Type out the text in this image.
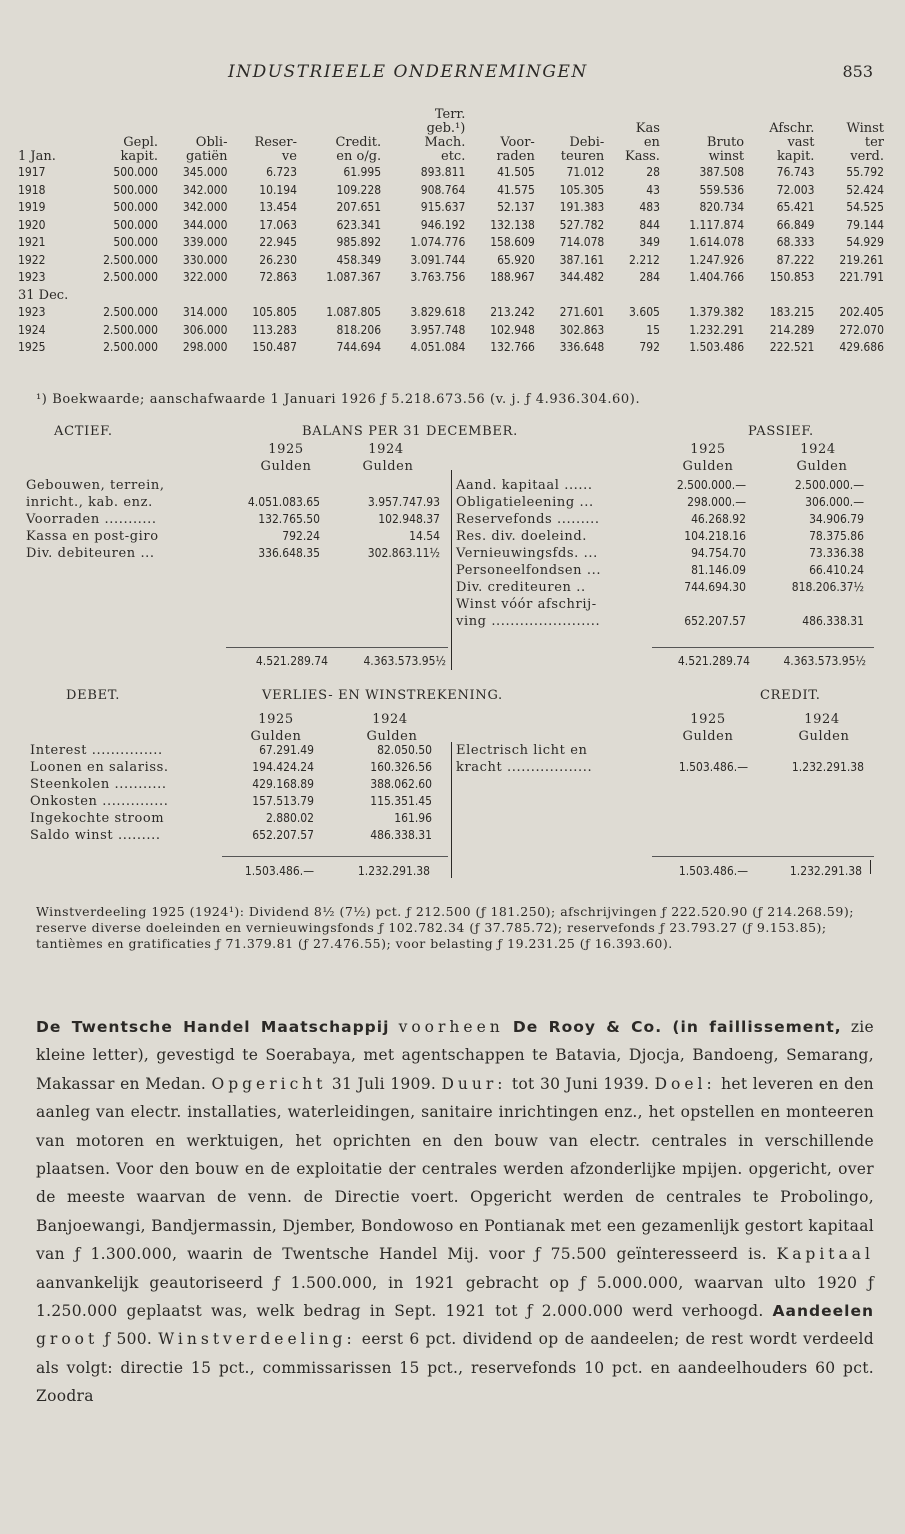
INDUSTRIEELE ONDERNEMINGEN	853
					Terr.						
					geb.¹)			Kas		Afschr.	Winst
	Gepl.	Obli-	Reser-	Credit.	Mach.	Voor-	Debi-	en	Bruto	vast	ter
1 Jan.	kapit.	gatiën	ve	en o/g.	etc.	raden	teuren	Kass.	winst	kapit.	verd.
1917	500.000	345.000	6.723	61.995	893.811	41.505	71.012	28	387.508	76.743	55.792
1918	500.000	342.000	10.194	109.228	908.764	41.575	105.305	43	559.536	72.003	52.424
1919	500.000	342.000	13.454	207.651	915.637	52.137	191.383	483	820.734	65.421	54.525
1920	500.000	344.000	17.063	623.341	946.192	132.138	527.782	844	1.117.874	66.849	79.144
1921	500.000	339.000	22.945	985.892	1.074.776	158.609	714.078	349	1.614.078	68.333	54.929
1922	2.500.000	330.000	26.230	458.349	3.091.744	65.920	387.161	2.212	1.247.926	87.222	219.261
1923	2.500.000	322.000	72.863	1.087.367	3.763.756	188.967	344.482	284	1.404.766	150.853	221.791
31 Dec.											
1923	2.500.000	314.000	105.805	1.087.805	3.829.618	213.242	271.601	3.605	1.379.382	183.215	202.405
1924	2.500.000	306.000	113.283	818.206	3.957.748	102.948	302.863	15	1.232.291	214.289	272.070
1925	2.500.000	298.000	150.487	744.694	4.051.084	132.766	336.648	792	1.503.486	222.521	429.686
¹) Boekwaarde; aanschafwaarde 1 Januari 1926 ƒ 5.218.673.56 (v. j. ƒ 4.936.304.60).
ACTIEF.	BALANS PER 31 DECEMBER.	PASSIEF.
1925	1924
Gulden	Gulden
1925	1924
Gulden	Gulden
Gebouwen, terrein,
inricht., kab. enz.	4.051.083.65	3.957.747.93
Voorraden ...........	132.765.50	102.948.37
Kassa en post-giro	792.24	14.54
Div. debiteuren ...	336.648.35	302.863.11½
Aand. kapitaal ......	2.500.000.—	2.500.000.—
Obligatieleening ...	298.000.—	306.000.—
Reservefonds .........	46.268.92	34.906.79
Res. div. doeleind.	104.218.16	78.375.86
Vernieuwingsfds. ...	94.754.70	73.336.38
Personeelfondsen ...	81.146.09	66.410.24
Div. crediteuren ..	744.694.30	818.206.37½
Winst vóór afschrij-
ving .......................	652.207.57	486.338.31
4.521.289.74	4.363.573.95½	4.521.289.74	4.363.573.95½
DEBET.	VERLIES- EN WINSTREKENING.	CREDIT.
1925	1924
Gulden	Gulden
1925	1924
Gulden	Gulden
Interest ...............	67.291.49	82.050.50
Loonen en salariss.	194.424.24	160.326.56
Steenkolen ...........	429.168.89	388.062.60
Onkosten ..............	157.513.79	115.351.45
Ingekochte stroom	2.880.02	161.96
Saldo winst .........	652.207.57	486.338.31
Electrisch licht en
kracht ..................	1.503.486.—	1.232.291.38
1.503.486.—	1.232.291.38	1.503.486.—	1.232.291.38
Winstverdeeling 1925 (1924¹): Dividend 8½ (7½) pct. ƒ 212.500 (ƒ 181.250); afschrijvingen ƒ 222.520.90 (ƒ 214.268.59); reserve diverse doeleinden en vernieuwingsfonds ƒ 102.782.34 (ƒ 37.785.72); reservefonds ƒ 23.793.27 (ƒ 9.153.85); tantièmes en gratificaties ƒ 71.379.81 (ƒ 27.476.55); voor belasting ƒ 19.231.25 (ƒ 16.393.60).

De Twentsche Handel Maatschappij voorheen De Rooy & Co. (in faillissement, zie kleine letter), gevestigd te Soerabaya, met agentschappen te Batavia, Djocja, Bandoeng, Semarang, Makassar en Medan. Opgericht 31 Juli 1909. Duur: tot 30 Juni 1939. Doel: het leveren en den aanleg van electr. installaties, waterleidingen, sanitaire inrichtingen enz., het opstellen en monteeren van motoren en werktuigen, het oprichten en den bouw van electr. centrales in verschillende plaatsen. Voor den bouw en de exploitatie der centrales werden afzonderlijke mpijen. opgericht, over de meeste waarvan de venn. de Directie voert. Opgericht werden de centrales te Probolingo, Banjoewangi, Bandjermassin, Djember, Bondowoso en Pontianak met een gezamenlijk gestort kapitaal van ƒ 1.300.000, waarin de Twentsche Handel Mij. voor ƒ 75.500 geïnteresseerd is. Kapitaal aanvankelijk geautoriseerd ƒ 1.500.000, in 1921 gebracht op ƒ 5.000.000, waarvan ulto 1920 ƒ 1.250.000 geplaatst was, welk bedrag in Sept. 1921 tot ƒ 2.000.000 werd verhoogd. Aandeelen groot ƒ 500. Winstverdeeling: eerst 6 pct. dividend op de aandeelen; de rest wordt verdeeld als volgt: directie 15 pct., commissarissen 15 pct., reservefonds 10 pct. en aandeelhouders 60 pct. Zoodra
